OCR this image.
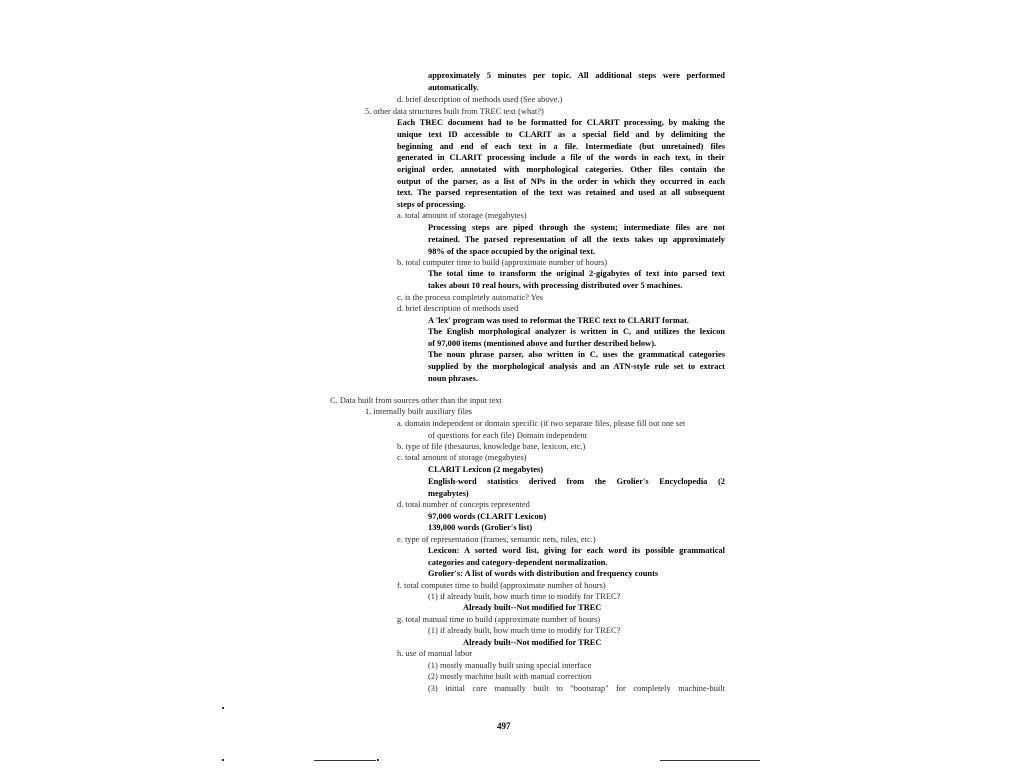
approximately 5 minutes per topic. All additional steps were performed
automatically.
d. brief description of methods used (See above.)
5. other data structures built from TREC text (what?)
Each TREC document had to be formatted for CLARIT processing, by making the
unique text ID accessible to CLARIT as a special field and by delimiting the
beginning and end of each text in a file. Intermediate (but unretained) files
generated in CLARIT processing include a file of the words in each text, in their
original order, annotated with morphological categories. Other files contain the
output of the parser, as a list of NPs in the order in which they occurred in each
text. The parsed representation of the text was retained and used at all subsequent
steps of processing.
a. total amount of storage (megabytes)
Processing steps are piped through the system; intermediate files are not
retained. The parsed representation of all the texts takes up approximately
98% of the space occupied by the original text.
b. total computer time to build (approximate number of hours)
The total time to transform the original 2-gigabytes of text into parsed text
takes about 10 real hours, with processing distributed over 5 machines.
c. is the process completely automatic? Yes
d. brief description of methods used
A 'lex' program was used to reformat the TREC text to CLARIT format.
The English morphological analyzer is written in C, and utilizes the lexicon
of 97,000 items (mentioned above and further described below).
The noun phrase parser, also written in C, uses the grammatical categories
supplied by the morphological analysis and an ATN-style rule set to extract
noun phrases.
C. Data built from sources other than the input text
1. internally built auxiliary files
a. domain independent or domain specific (if two separate files, please fill out one set
of questions for each file) Domain independent
b. type of file (thesaurus, knowledge base, lexicon, etc.)
c. total amount of storage (megabytes)
CLARIT Lexicon (2 megabytes)
English-word statistics derived from the Grolier's Encyclopedia (2
megabytes)
d. total number of concepts represented
97,000 words (CLARIT Lexicon)
139,000 words (Grolier's list)
e. type of representation (frames, semantic nets, rules, etc.)
Lexicon: A sorted word list, giving for each word its possible grammatical
categories and category-dependent normalization.
Grolier's: A list of words with distribution and frequency counts
f. total computer time to build (approximate number of hours)
(1) if already built, how much time to modify for TREC?
Already built--Not modified for TREC
g. total manual time to build (approximate number of hours)
(1) if already built, how much time to modify for TREC?
Already built--Not modified for TREC
h. use of manual labor
(1) mostly manually built using special interface
(2) mostly machine built with manual correction
(3) initial core manually built to "bootstrap" for completely machine-built
497
